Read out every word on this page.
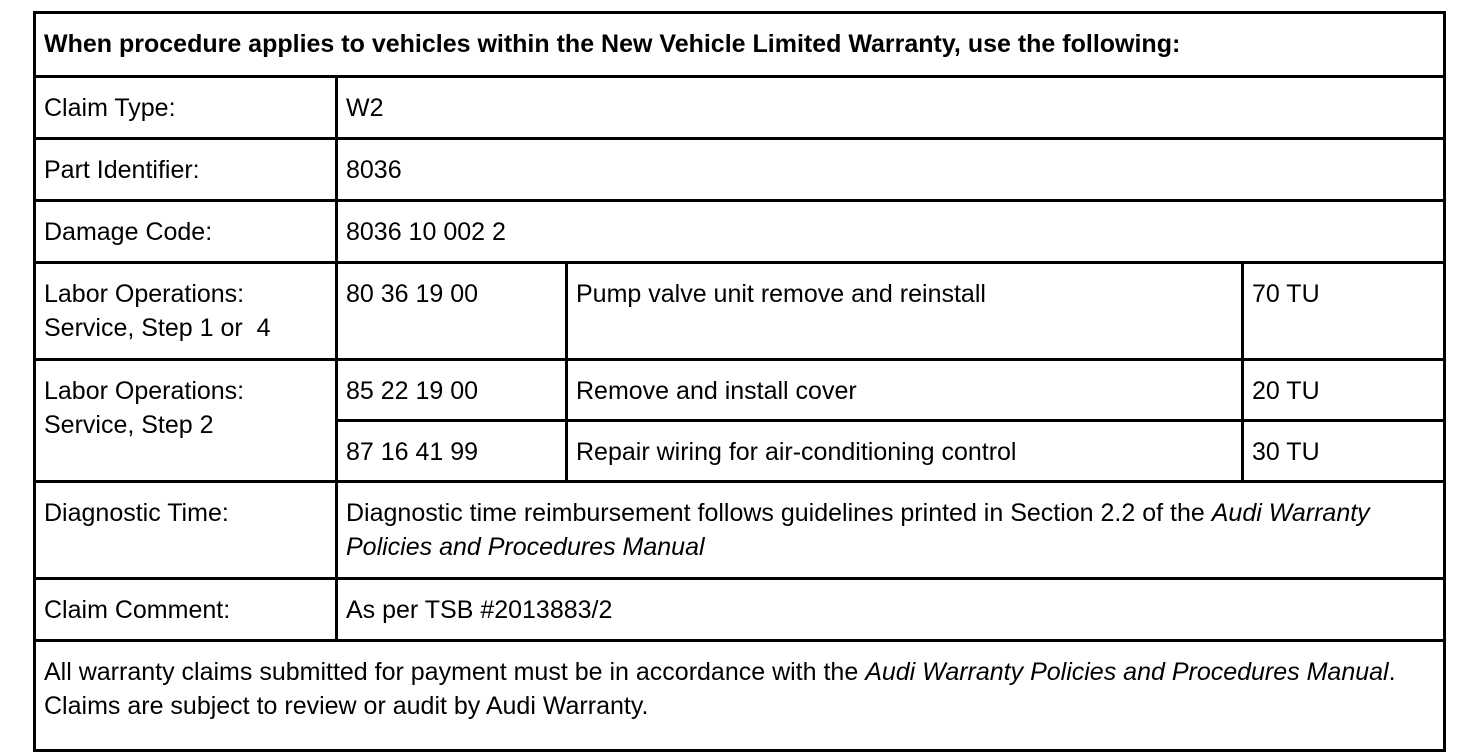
When procedure applies to vehicles within the New Vehicle Limited Warranty, use the following:			
Claim Type:	W2		
Part Identifier:	8036		
Damage Code:	8036 10 002 2		

Labor Operations:
Service, Step 1 or  4	80 36 19 00	Pump valve unit remove and reinstall	70 TU

Labor Operations:
Service, Step 2	85 22 19 00	Remove and install cover	20 TU
	87 16 41 99	Repair wiring for air-conditioning control	30 TU
Diagnostic Time:	Diagnostic time reimbursement follows guidelines printed in Section 2.2 of the Audi Warranty Policies and Procedures Manual		
Claim Comment:	As per TSB #2013883/2		
All warranty claims submitted for payment must be in accordance with the Audi Warranty Policies and Procedures Manual. Claims are subject to review or audit by Audi Warranty.			
